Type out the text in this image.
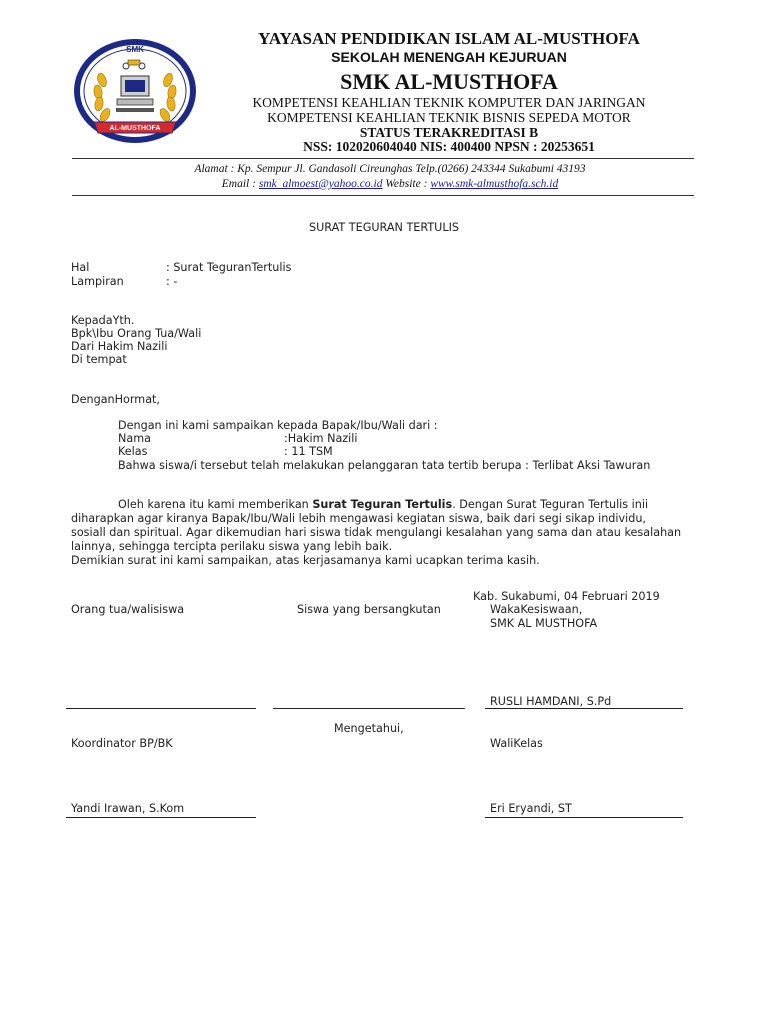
SMK
AL-MUSTHOFA
YAYASAN PENDIDIKAN ISLAM AL-MUSTHOFA
SEKOLAH MENENGAH KEJURUAN
SMK AL-MUSTHOFA
KOMPETENSI KEAHLIAN TEKNIK KOMPUTER DAN JARINGAN
KOMPETENSI KEAHLIAN TEKNIK BISNIS SEPEDA MOTOR
STATUS TERAKREDITASI B
NSS: 102020604040 NIS: 400400 NPSN : 20253651
Alamat : Kp. Sempur Jl. Gandasoli Cireunghas Telp.(0266) 243344 Sukabumi 43193
Email : smk_almoest@yahoo.co.id Website : www.smk-almusthofa.sch.id
SURAT TEGURAN TERTULIS
Hal	: Surat TeguranTertulis
Lampiran	: -
KepadaYth.
Bpk\Ibu Orang Tua/Wali
Dari Hakim Nazili
Di tempat
DenganHormat,
Dengan ini kami sampaikan kepada Bapak/Ibu/Wali dari :
Nama	:Hakim Nazili
Kelas	: 11 TSM
Bahwa siswa/i tersebut telah melakukan pelanggaran tata tertib berupa : Terlibat Aksi Tawuran
Oleh karena itu kami memberikan Surat Teguran Tertulis. Dengan Surat Teguran Tertulis inii
diharapkan agar kiranya Bapak/Ibu/Wali lebih mengawasi kegiatan siswa, baik dari segi sikap individu,
sosiall dan spiritual. Agar dikemudian hari siswa tidak mengulangi kesalahan yang sama dan atau kesalahan
lainnya, sehingga tercipta perilaku siswa yang lebih baik.
Demikian surat ini kami sampaikan, atas kerjasamanya kami ucapkan terima kasih.
Kab. Sukabumi, 04 Februari 2019
Orang tua/walisiswa	Siswa yang bersangkutan	WakaKesiswaan,
SMK AL MUSTHOFA
RUSLI HAMDANI, S.Pd
Mengetahui,
Koordinator BP/BK	WaliKelas
Yandi Irawan, S.Kom	Eri Eryandi, ST
